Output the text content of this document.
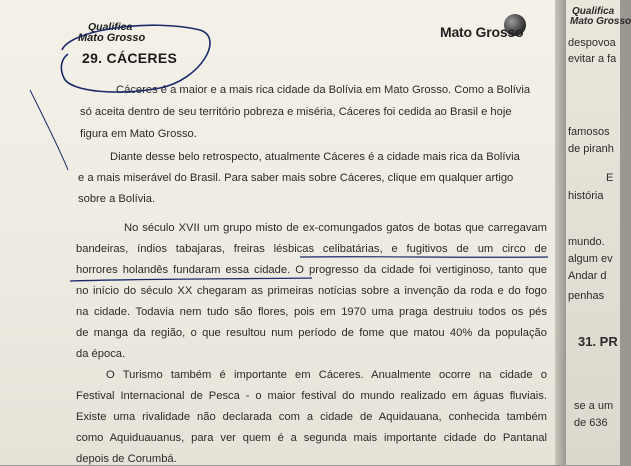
Qualifica
Mato Grosso
29. CÁCERES
Mato Grosso
Cáceres é a maior e a mais rica cidade da Bolívia em Mato Grosso. Como a Bolívia
só aceita dentro de seu território pobreza e miséria, Cáceres foi cedida ao Brasil e hoje
figura em Mato Grosso.
Diante desse belo retrospecto, atualmente Cáceres é a cidade mais rica da Bolívia
e a mais miserável do Brasil. Para saber mais sobre Cáceres, clique em qualquer artigo
sobre a Bolívia.
No século XVII um grupo misto de ex-comungados gatos de botas que carregavam
bandeiras, índios tabajaras, freiras lésbicas celibatárias, e fugitivos de um circo de
horrores holandês fundaram essa cidade. O progresso da cidade foi vertiginoso, tanto que
no início do século XX chegaram as primeiras notícias sobre a invenção da roda e do fogo
na cidade. Todavia nem tudo são flores, pois em 1970 uma praga destruiu todos os pés
de manga da região, o que resultou num período de fome que matou 40% da população
da época.
O Turismo também é importante em Cáceres. Anualmente ocorre na cidade o
Festival Internacional de Pesca - o maior festival do mundo realizado em águas fluviais.
Existe uma rivalidade não declarada com a cidade de Aquidauana, conhecida também
como Aquiduauanus, para ver quem é a segunda mais importante cidade do Pantanal
depois de Corumbá.
Qualifica
Mato Grosso
despovoa
evitar a fa
famosos
de piranh
E
história
mundo.
algum ev
Andar d
penhas
31. PR
se a um
de 636
